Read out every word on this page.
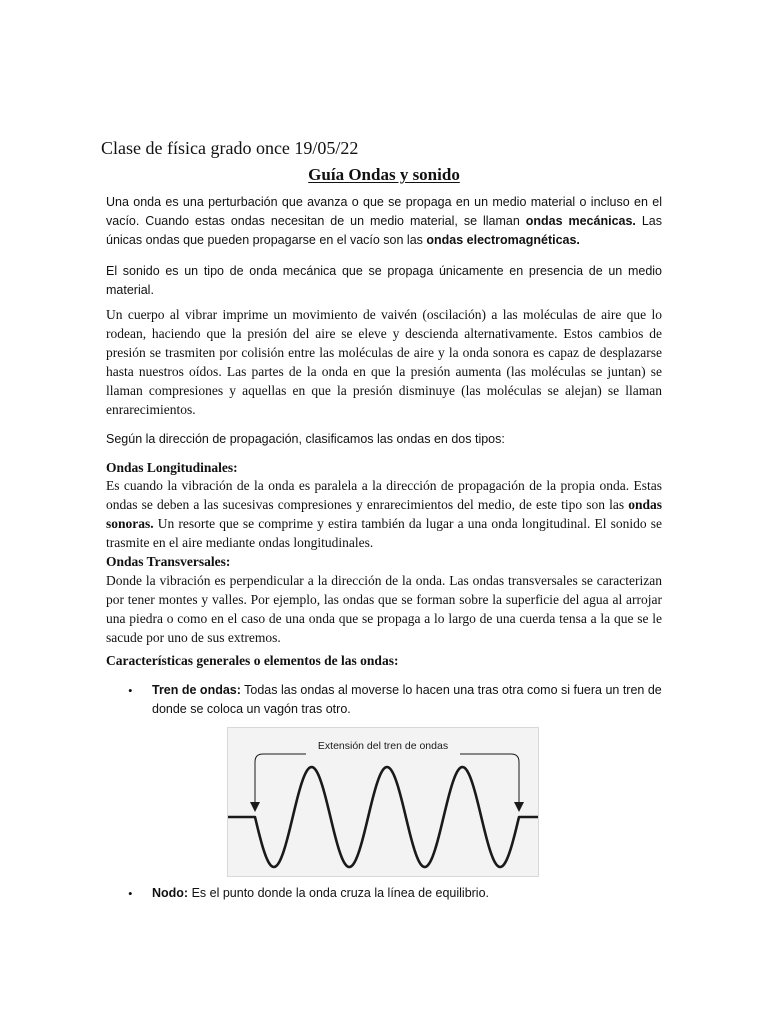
Clase de física grado once 19/05/22
Guía Ondas y sonido

Una onda es una perturbación que avanza o que se propaga en un medio material o incluso en el vacío. Cuando estas ondas necesitan de un medio material, se llaman ondas mecánicas. Las únicas ondas que pueden propagarse en el vacío son las ondas electromagnéticas.

El sonido es un tipo de onda mecánica que se propaga únicamente en presencia de un medio material.

Un cuerpo al vibrar imprime un movimiento de vaivén (oscilación) a las moléculas de aire que lo rodean, haciendo que la presión del aire se eleve y descienda alternativamente. Estos cambios de presión se trasmiten por colisión entre las moléculas de aire y la onda sonora es capaz de desplazarse hasta nuestros oídos. Las partes de la onda en que la presión aumenta (las moléculas se juntan) se llaman compresiones y aquellas en que la presión disminuye (las moléculas se alejan) se llaman enrarecimientos.

Según la dirección de propagación, clasificamos las ondas en dos tipos:

Ondas Longitudinales:

Es cuando la vibración de la onda es paralela a la dirección de propagación de la propia onda. Estas ondas se deben a las sucesivas compresiones y enrarecimientos del medio, de este tipo son las ondas sonoras. Un resorte que se comprime y estira también da lugar a una onda longitudinal. El sonido se trasmite en el aire mediante ondas longitudinales.

Ondas Transversales:

Donde la vibración es perpendicular a la dirección de la onda. Las ondas transversales se caracterizan por tener montes y valles. Por ejemplo, las ondas que se forman sobre la superficie del agua al arrojar una piedra o como en el caso de una onda que se propaga a lo largo de una cuerda tensa a la que se le sacude por uno de sus extremos.

Características generales o elementos de las ondas:

• Tren de ondas: Todas las ondas al moverse lo hacen una tras otra como si fuera un tren de donde se coloca un vagón tras otro.

Extensión del tren de ondas
• Nodo: Es el punto donde la onda cruza la línea de equilibrio.
